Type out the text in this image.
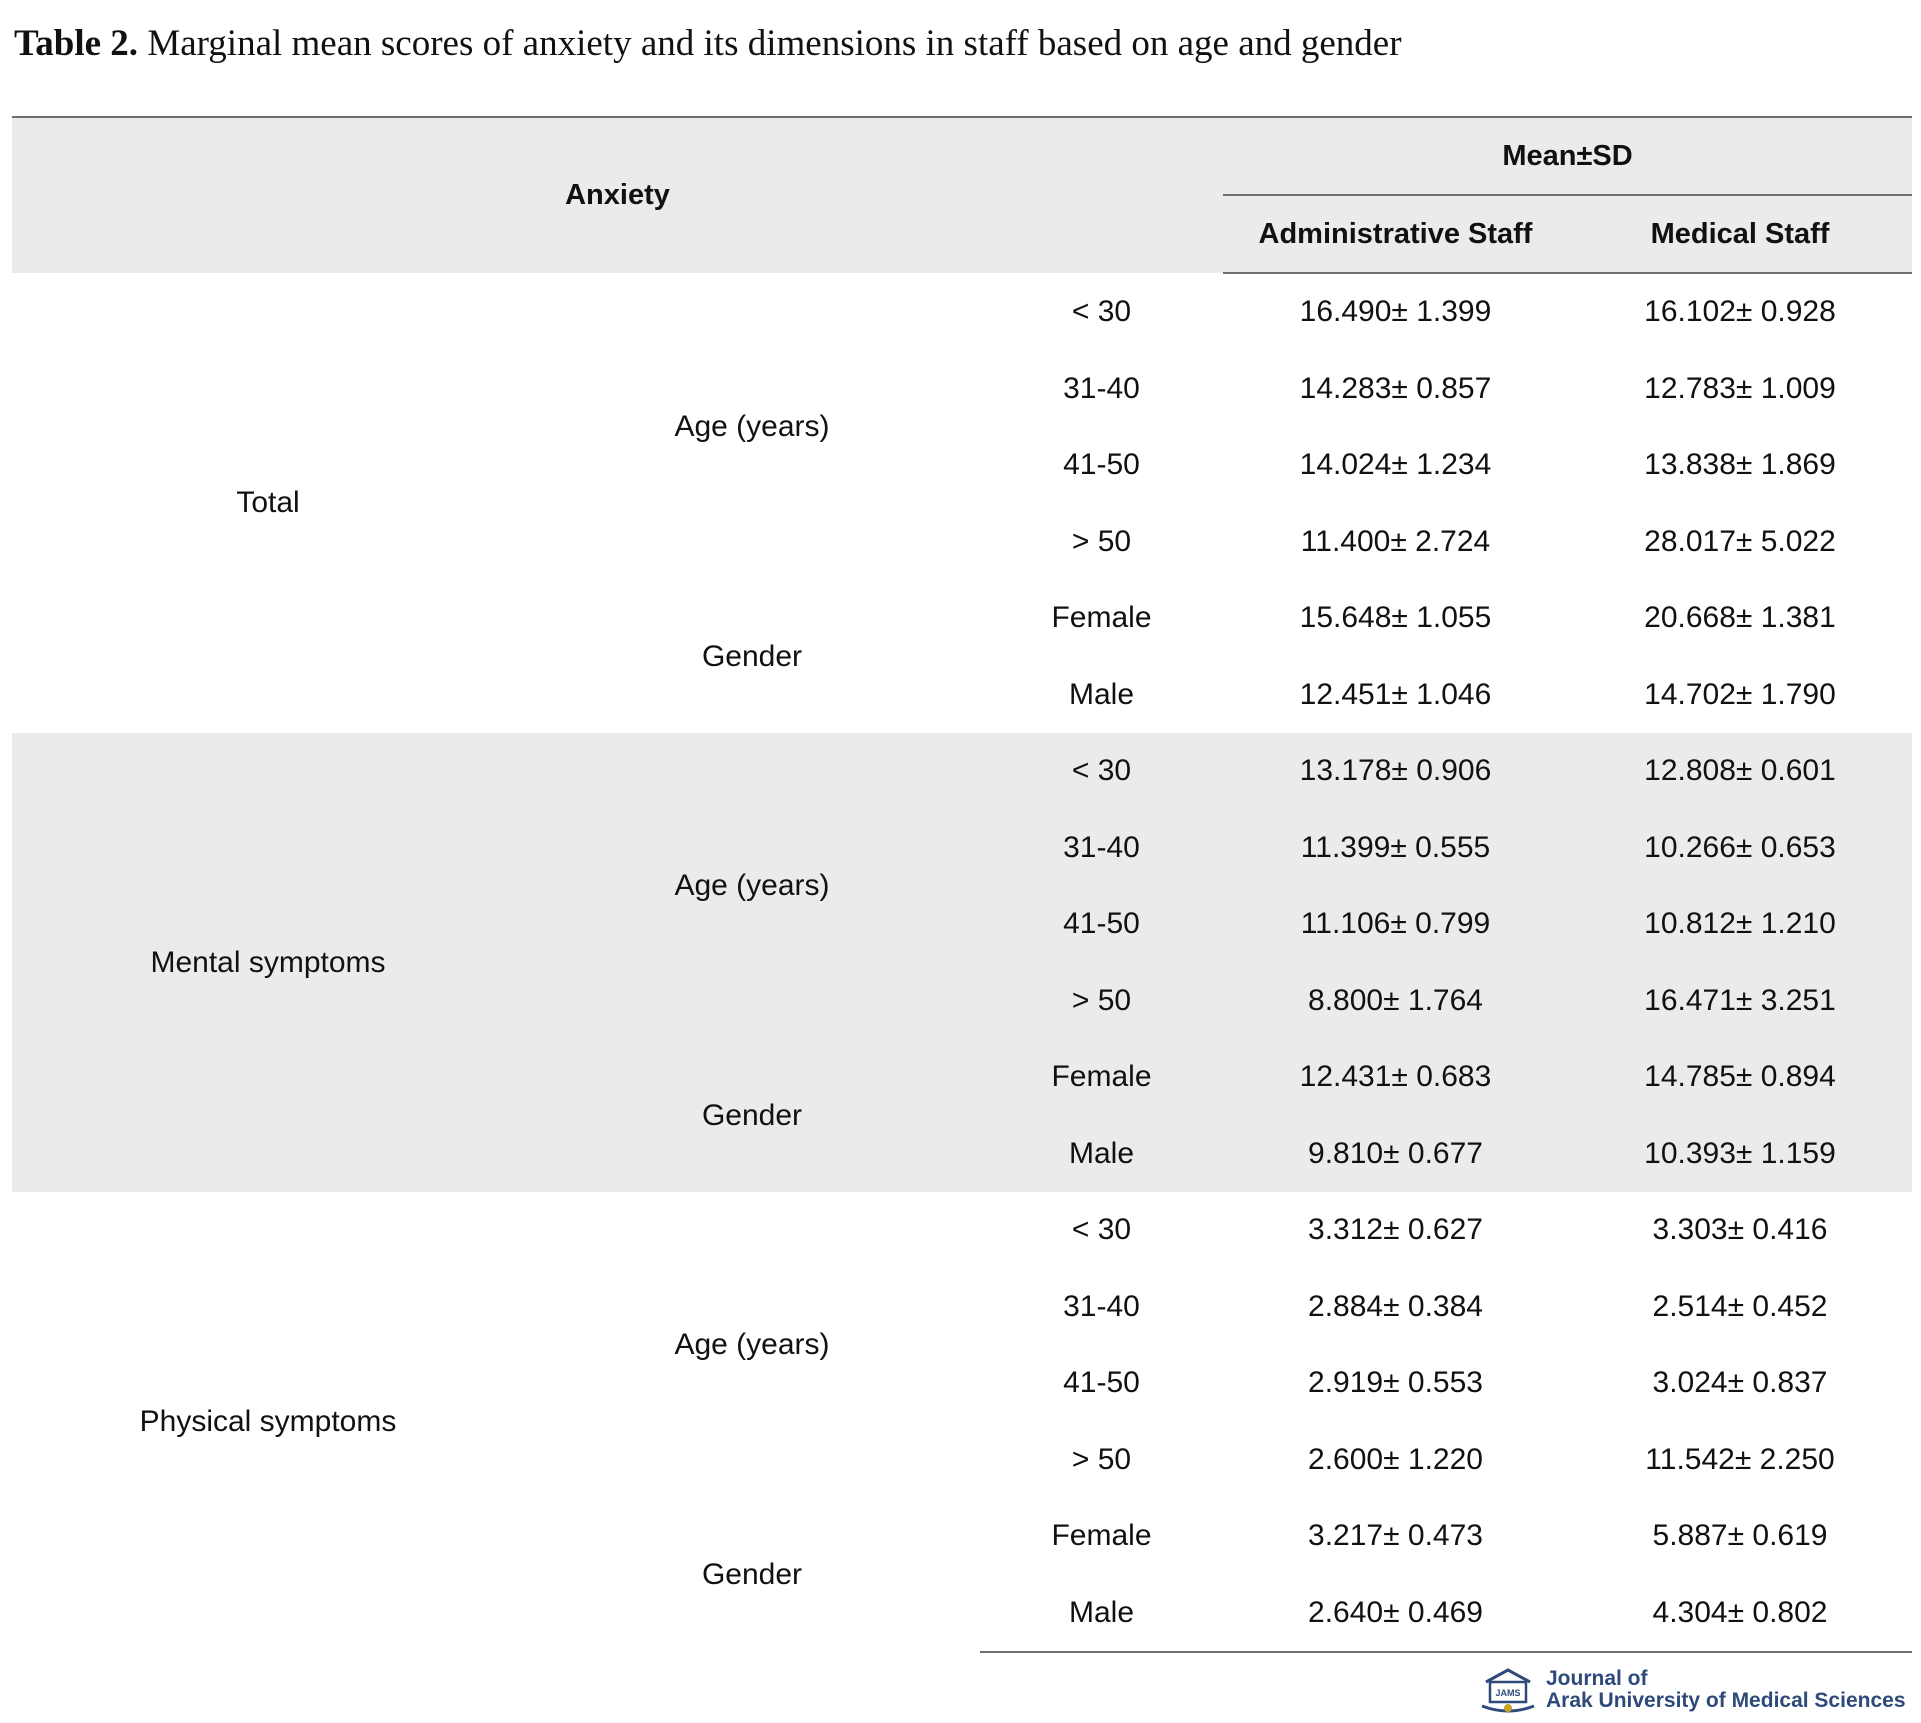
Table 2. Marginal mean scores of anxiety and its dimensions in staff based on age and gender
Anxiety			Mean±SD	
			Administrative Staff	Medical Staff
Total	Age (years)	< 30	16.490± 1.399	16.102± 0.928
		31-40	14.283± 0.857	12.783± 1.009
		41-50	14.024± 1.234	13.838± 1.869
		> 50	11.400± 2.724	28.017± 5.022
	Gender	Female	15.648± 1.055	20.668± 1.381
		Male	12.451± 1.046	14.702± 1.790
Mental symptoms	Age (years)	< 30	13.178± 0.906	12.808± 0.601
		31-40	11.399± 0.555	10.266± 0.653
		41-50	11.106± 0.799	10.812± 1.210
		> 50	8.800± 1.764	16.471± 3.251
	Gender	Female	12.431± 0.683	14.785± 0.894
		Male	9.810± 0.677	10.393± 1.159
Physical symptoms	Age (years)	< 30	3.312± 0.627	3.303± 0.416
		31-40	2.884± 0.384	2.514± 0.452
		41-50	2.919± 0.553	3.024± 0.837
		> 50	2.600± 1.220	11.542± 2.250
	Gender	Female	3.217± 0.473	5.887± 0.619
		Male	2.640± 0.469	4.304± 0.802
JAMS
Journal of
Arak University of Medical Sciences
